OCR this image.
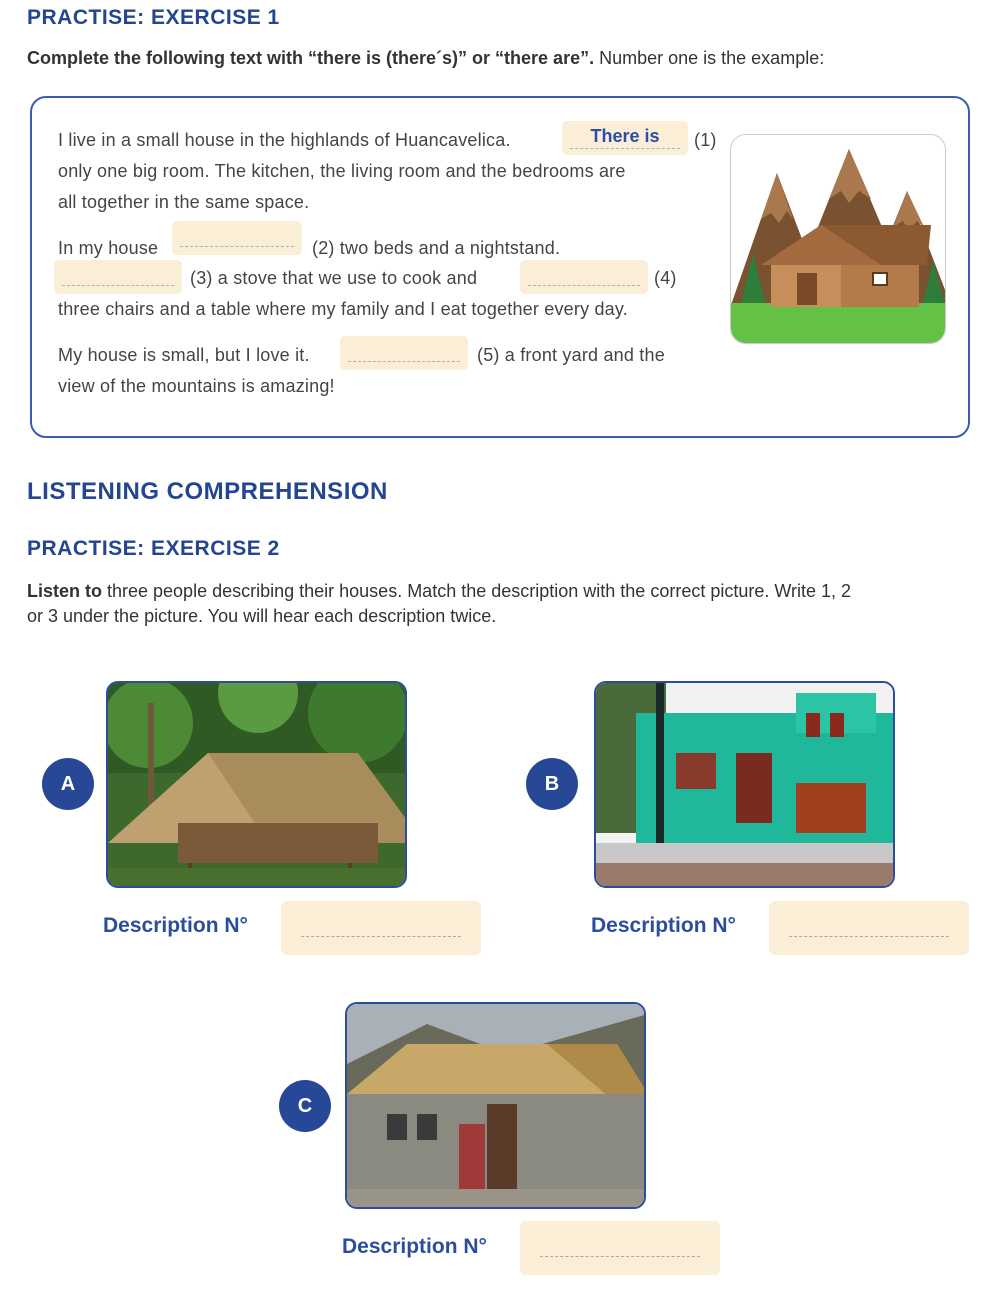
PRACTISE: EXERCISE 1
Complete the following text with “there is (there´s)” or “there are”. Number one is the example:
I live in a small house in the highlands of Huancavelica.	There is	(1)
only one big room. The kitchen, the living room and the bedrooms are
all together in the same space.
In my house	(2) two beds and a nightstand.
(3) a stove that we use to cook and	(4)
three chairs and a table where my family and I eat together every day.
My house is small, but I love it.	(5) a front yard and the
view of the mountains is amazing!
LISTENING COMPREHENSION
PRACTISE: EXERCISE 2
Listen to three people describing their houses. Match the description with the correct picture. Write 1, 2
or 3 under the picture. You will hear each description twice.
A
Description N°
B
Description N°
C
Description N°
